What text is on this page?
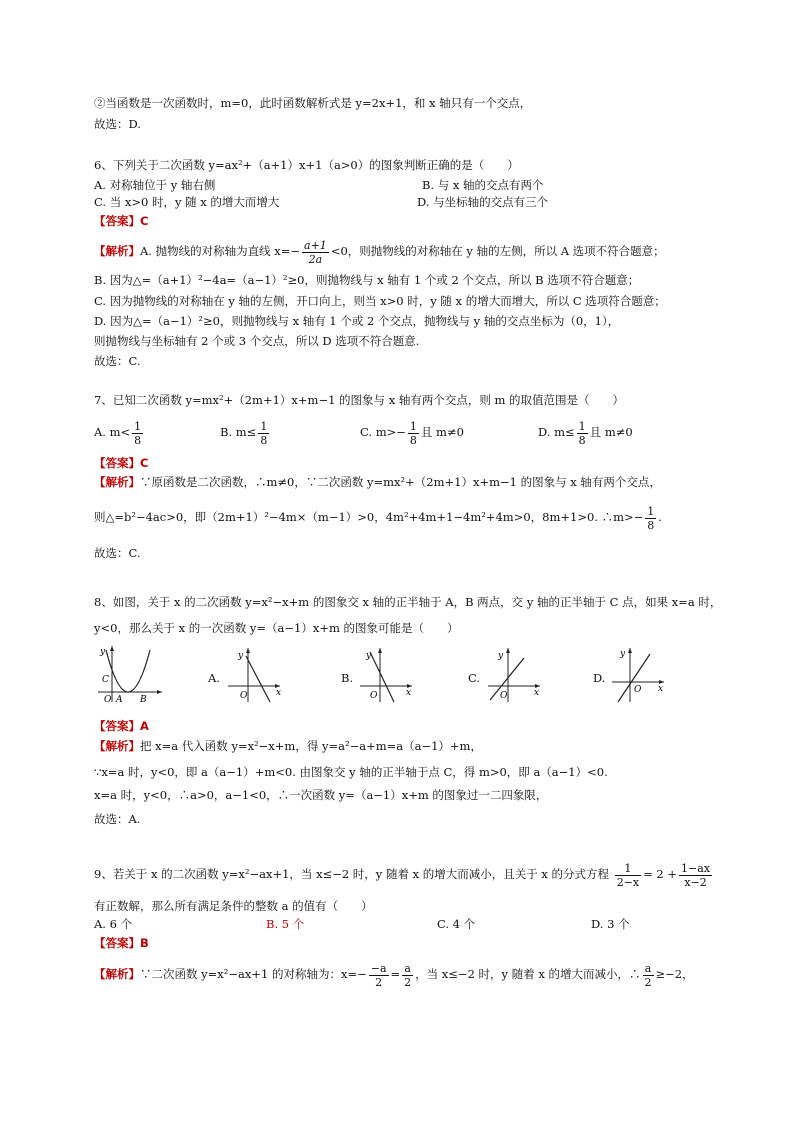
②当函数是一次函数时，m=0，此时函数解析式是 y=2x+1，和 x 轴只有一个交点，
故选：D.
6、下列关于二次函数 y=ax²+（a+1）x+1（a>0）的图象判断正确的是（　　）
A. 对称轴位于 y 轴右侧	B. 与 x 轴的交点有两个
C. 当 x>0 时，y 随 x 的增大而增大	D. 与坐标轴的交点有三个
【答案】C
【解析】A. 抛物线的对称轴为直线 $x=- \frac{a+1}{2a} <0$，则抛物线的对称轴在 y 轴的左侧，所以 A 选项不符合题意；
B. 因为△=（a+1）²−4a=（a−1）²≥0，则抛物线与 x 轴有 1 个或 2 个交点，所以 B 选项不符合题意；
C. 因为抛物线的对称轴在 y 轴的左侧，开口向上，则当 x>0 时，y 随 x 的增大而增大，所以 C 选项符合题意；
D. 因为△=（a−1）²≥0，则抛物线与 x 轴有 1 个或 2 个交点，抛物线与 y 轴的交点坐标为（0，1），
则抛物线与坐标轴有 2 个或 3 个交点，所以 D 选项不符合题意.
故选：C.
7、已知二次函数 y=mx²+（2m+1）x+m−1 的图象与 x 轴有两个交点，则 m 的取值范围是（　　）
A. $m< \frac{1}{8}$	B. $m\le \frac{1}{8}$	C. $m>- \frac{1}{8}$ 且 m≠0	D. $m\le \frac{1}{8}$ 且 m≠0
【答案】C
【解析】∵原函数是二次函数，∴m≠0，∵二次函数 y=mx²+（2m+1）x+m−1 的图象与 x 轴有两个交点，
则△=b²−4ac>0，即（2m+1）²−4m×（m−1）>0，4m²+4m+1−4m²+4m>0，8m+1>0. ∴m>− $\frac{1}{8}$ .
故选：C.
8、如图，关于 x 的二次函数 y=x²−x+m 的图象交 x 轴的正半轴于 A，B 两点，交 y 轴的正半轴于 C 点，如果 x=a 时，
y<0，那么关于 x 的一次函数 y=（a−1）x+m 的图象可能是（　　）
y
C
O A B
A.
y
x
O
B.
y
x
O
C.
y
x
O
D.
y
x
O
【答案】A
【解析】把 x=a 代入函数 y=x²−x+m，得 y=a²−a+m=a（a−1）+m，
∵x=a 时，y<0，即 a（a−1）+m<0. 由图象交 y 轴的正半轴于点 C，得 m>0，即 a（a−1）<0.
x=a 时，y<0，∴a>0，a−1<0，∴一次函数 y=（a−1）x+m 的图象过一二四象限，
故选：A.
9、若关于 x 的二次函数 y=x²−ax+1，当 x≤−2 时，y 随着 x 的增大而减小，且关于 x 的分式方程 $\frac{1}{2-x} = 2 + \frac{1-ax}{x-2}$
有正数解，那么所有满足条件的整数 a 的值有（　　）
A. 6 个	B. 5 个	C. 4 个	D. 3 个
【答案】B
【解析】∵二次函数 y=x²−ax+1 的对称轴为：$x=- \frac{-a}{2} = \frac{a}{2}$ ，当 x≤−2 时，y 随着 x 的增大而减小，∴ $\frac{a}{2} \ge-2$，
